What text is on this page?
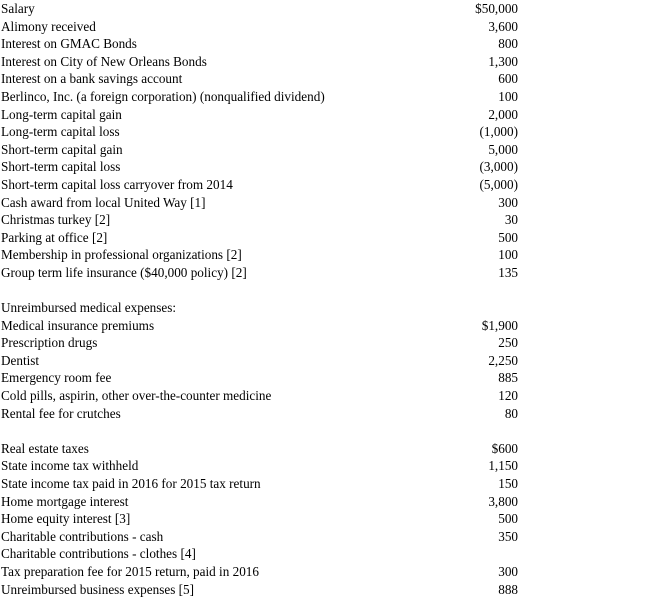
Salary	$50,000
Alimony received	3,600
Interest on GMAC Bonds	800
Interest on City of New Orleans Bonds	1,300
Interest on a bank savings account	600
Berlinco, Inc. (a foreign corporation) (nonqualified dividend)	100
Long-term capital gain	2,000
Long-term capital loss	(1,000)
Short-term capital gain	5,000
Short-term capital loss	(3,000)
Short-term capital loss carryover from 2014	(5,000)
Cash award from local United Way [1]	300
Christmas turkey [2]	30
Parking at office [2]	500
Membership in professional organizations [2]	100
Group term life insurance ($40,000 policy) [2]	135
Unreimbursed medical expenses:
Medical insurance premiums	$1,900
Prescription drugs	250
Dentist	2,250
Emergency room fee	885
Cold pills, aspirin, other over-the-counter medicine	120
Rental fee for crutches	80
Real estate taxes	$600
State income tax withheld	1,150
State income tax paid in 2016 for 2015 tax return	150
Home mortgage interest	3,800
Home equity interest [3]	500
Charitable contributions - cash	350
Charitable contributions - clothes [4]
Tax preparation fee for 2015 return, paid in 2016	300
Unreimbursed business expenses [5]	888
